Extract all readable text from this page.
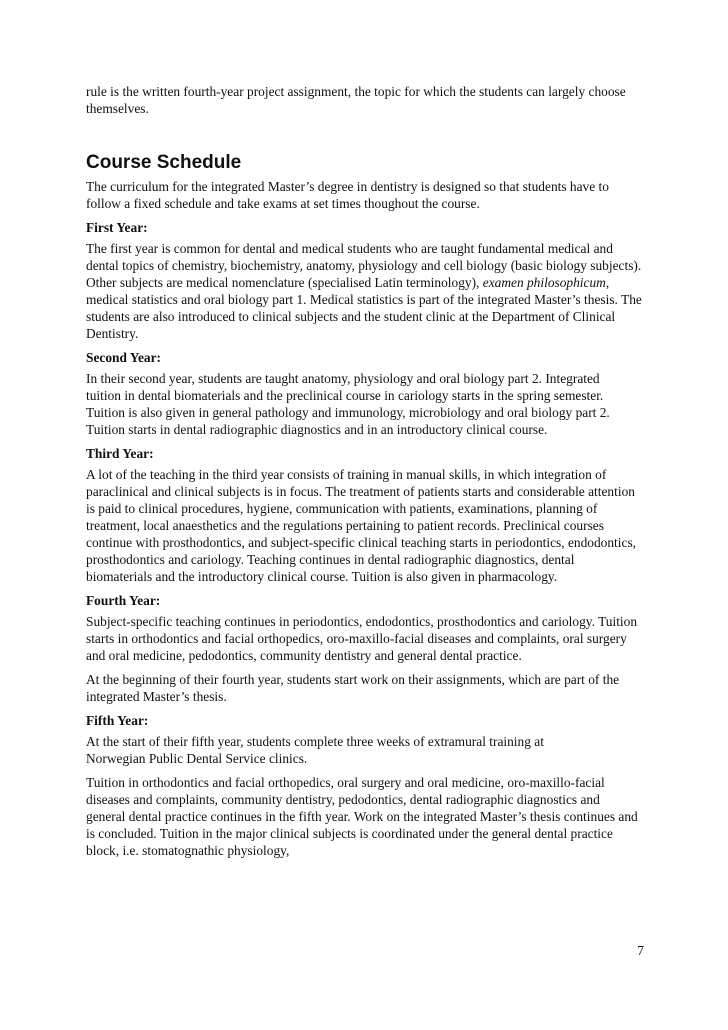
rule is the written fourth-year project assignment, the topic for which the students can largely choose themselves.

Course Schedule

The curriculum for the integrated Master’s degree in dentistry is designed so that students have to follow a fixed schedule and take exams at set times thoughout the course.

First Year:

The first year is common for dental and medical students who are taught fundamental medical and dental topics of chemistry, biochemistry, anatomy, physiology and cell biology (basic biology subjects). Other subjects are medical nomenclature (specialised Latin terminology), examen philosophicum, medical statistics and oral biology part 1. Medical statistics is part of the integrated Master’s thesis. The students are also introduced to clinical subjects and the student clinic at the Department of Clinical Dentistry.

Second Year:

In their second year, students are taught anatomy, physiology and oral biology part 2. Integrated tuition in dental biomaterials and the preclinical course in cariology starts in the spring semester. Tuition is also given in general pathology and immunology, microbiology and oral biology part 2. Tuition starts in dental radiographic diagnostics and in an introductory clinical course.

Third Year:

A lot of the teaching in the third year consists of training in manual skills, in which integration of paraclinical and clinical subjects is in focus. The treatment of patients starts and considerable attention is paid to clinical procedures, hygiene, communication with patients, examinations, planning of treatment, local anaesthetics and the regulations pertaining to patient records. Preclinical courses continue with prosthodontics, and subject-specific clinical teaching starts in periodontics, endodontics, prosthodontics and cariology. Teaching continues in dental radiographic diagnostics, dental biomaterials and the introductory clinical course. Tuition is also given in pharmacology.

Fourth Year:

Subject-specific teaching continues in periodontics, endodontics, prosthodontics and cariology. Tuition starts in orthodontics and facial orthopedics, oro-maxillo-facial diseases and complaints, oral surgery and oral medicine, pedodontics, community dentistry and general dental practice.

At the beginning of their fourth year, students start work on their assignments, which are part of the integrated Master’s thesis.

Fifth Year:

At the start of their fifth year, students complete three weeks of extramural training at Norwegian Public Dental Service clinics.

Tuition in orthodontics and facial orthopedics, oral surgery and oral medicine, oro-maxillo-facial diseases and complaints, community dentistry, pedodontics, dental radiographic diagnostics and general dental practice continues in the fifth year. Work on the integrated Master’s thesis continues and is concluded. Tuition in the major clinical subjects is coordinated under the general dental practice block, i.e. stomatognathic physiology,

7
